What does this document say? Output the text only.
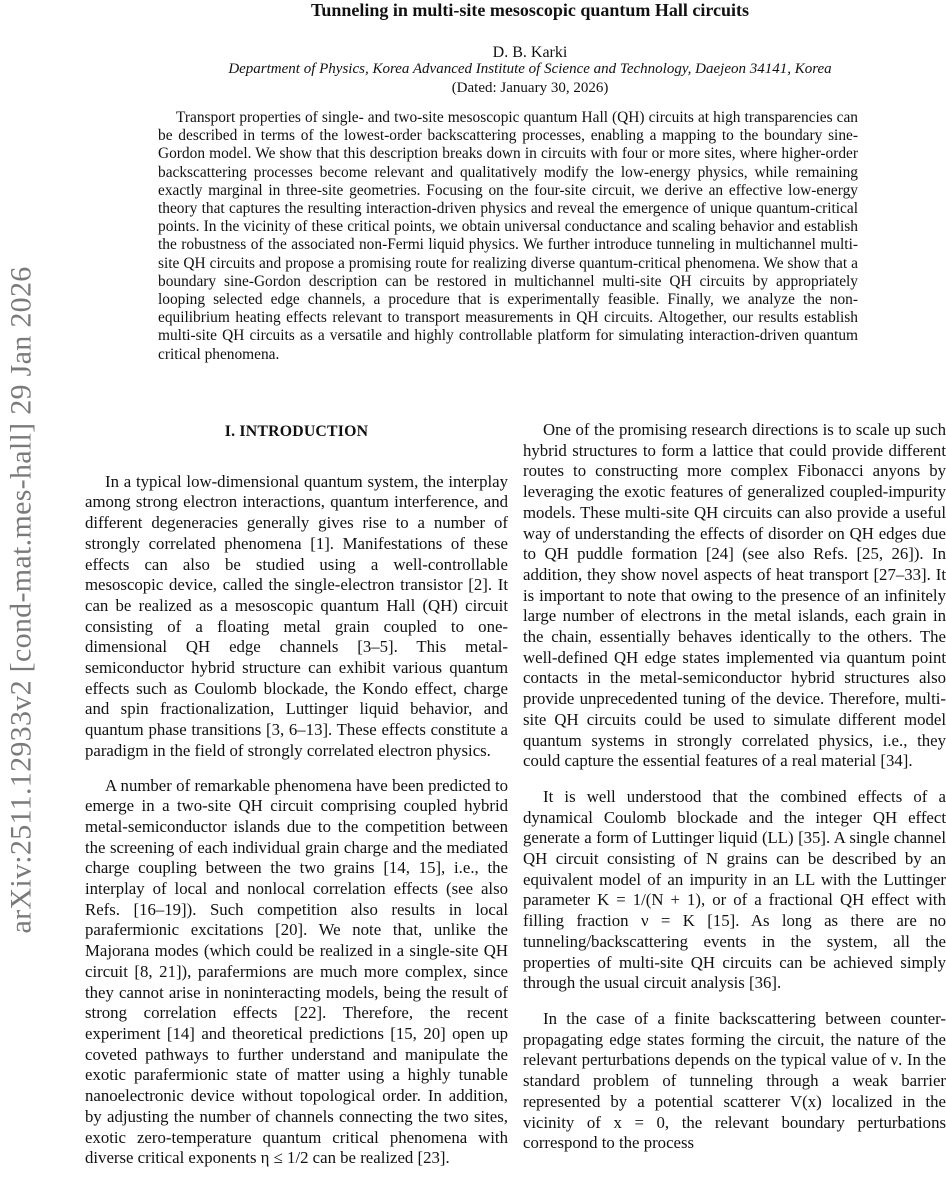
arXiv:2511.12933v2 [cond-mat.mes-hall] 29 Jan 2026
Tunneling in multi-site mesoscopic quantum Hall circuits
D. B. Karki
Department of Physics, Korea Advanced Institute of Science and Technology, Daejeon 34141, Korea
(Dated: January 30, 2026)
Transport properties of single- and two-site mesoscopic quantum Hall (QH) circuits at high transparencies can be described in terms of the lowest-order backscattering processes, enabling a mapping to the boundary sine-Gordon model. We show that this description breaks down in circuits with four or more sites, where higher-order backscattering processes become relevant and qualitatively modify the low-energy physics, while remaining exactly marginal in three-site geometries. Focusing on the four-site circuit, we derive an effective low-energy theory that captures the resulting interaction-driven physics and reveal the emergence of unique quantum-critical points. In the vicinity of these critical points, we obtain universal conductance and scaling behavior and establish the robustness of the associated non-Fermi liquid physics. We further introduce tunneling in multichannel multi-site QH circuits and propose a promising route for realizing diverse quantum-critical phenomena. We show that a boundary sine-Gordon description can be restored in multichannel multi-site QH circuits by appropriately looping selected edge channels, a procedure that is experimentally feasible. Finally, we analyze the non-equilibrium heating effects relevant to transport measurements in QH circuits. Altogether, our results establish multi-site QH circuits as a versatile and highly controllable platform for simulating interaction-driven quantum critical phenomena.
I. INTRODUCTION

In a typical low-dimensional quantum system, the interplay among strong electron interactions, quantum interference, and different degeneracies generally gives rise to a number of strongly correlated phenomena [1]. Manifestations of these effects can also be studied using a well-controllable mesoscopic device, called the single-electron transistor [2]. It can be realized as a mesoscopic quantum Hall (QH) circuit consisting of a floating metal grain coupled to one-dimensional QH edge channels [3–5]. This metal-semiconductor hybrid structure can exhibit various quantum effects such as Coulomb blockade, the Kondo effect, charge and spin fractionalization, Luttinger liquid behavior, and quantum phase transitions [3, 6–13]. These effects constitute a paradigm in the field of strongly correlated electron physics.

A number of remarkable phenomena have been predicted to emerge in a two-site QH circuit comprising coupled hybrid metal-semiconductor islands due to the competition between the screening of each individual grain charge and the mediated charge coupling between the two grains [14, 15], i.e., the interplay of local and nonlocal correlation effects (see also Refs. [16–19]). Such competition also results in local parafermionic excitations [20]. We note that, unlike the Majorana modes (which could be realized in a single-site QH circuit [8, 21]), parafermions are much more complex, since they cannot arise in noninteracting models, being the result of strong correlation effects [22]. Therefore, the recent experiment [14] and theoretical predictions [15, 20] open up coveted pathways to further understand and manipulate the exotic parafermionic state of matter using a highly tunable nanoelectronic device without topological order. In addition, by adjusting the number of channels connecting the two sites, exotic zero-temperature quantum critical phenomena with diverse critical exponents η ≤ 1/2 can be realized [23].

One of the promising research directions is to scale up such hybrid structures to form a lattice that could provide different routes to constructing more complex Fibonacci anyons by leveraging the exotic features of generalized coupled-impurity models. These multi-site QH circuits can also provide a useful way of understanding the effects of disorder on QH edges due to QH puddle formation [24] (see also Refs. [25, 26]). In addition, they show novel aspects of heat transport [27–33]. It is important to note that owing to the presence of an infinitely large number of electrons in the metal islands, each grain in the chain, essentially behaves identically to the others. The well-defined QH edge states implemented via quantum point contacts in the metal-semiconductor hybrid structures also provide unprecedented tuning of the device. Therefore, multi-site QH circuits could be used to simulate different model quantum systems in strongly correlated physics, i.e., they could capture the essential features of a real material [34].

It is well understood that the combined effects of a dynamical Coulomb blockade and the integer QH effect generate a form of Luttinger liquid (LL) [35]. A single channel QH circuit consisting of N grains can be described by an equivalent model of an impurity in an LL with the Luttinger parameter K = 1/(N + 1), or of a fractional QH effect with filling fraction ν = K [15]. As long as there are no tunneling/backscattering events in the system, all the properties of multi-site QH circuits can be achieved simply through the usual circuit analysis [36].

In the case of a finite backscattering between counter-propagating edge states forming the circuit, the nature of the relevant perturbations depends on the typical value of ν. In the standard problem of tunneling through a weak barrier represented by a potential scatterer V(x) localized in the vicinity of x = 0, the relevant boundary perturbations correspond to the process
